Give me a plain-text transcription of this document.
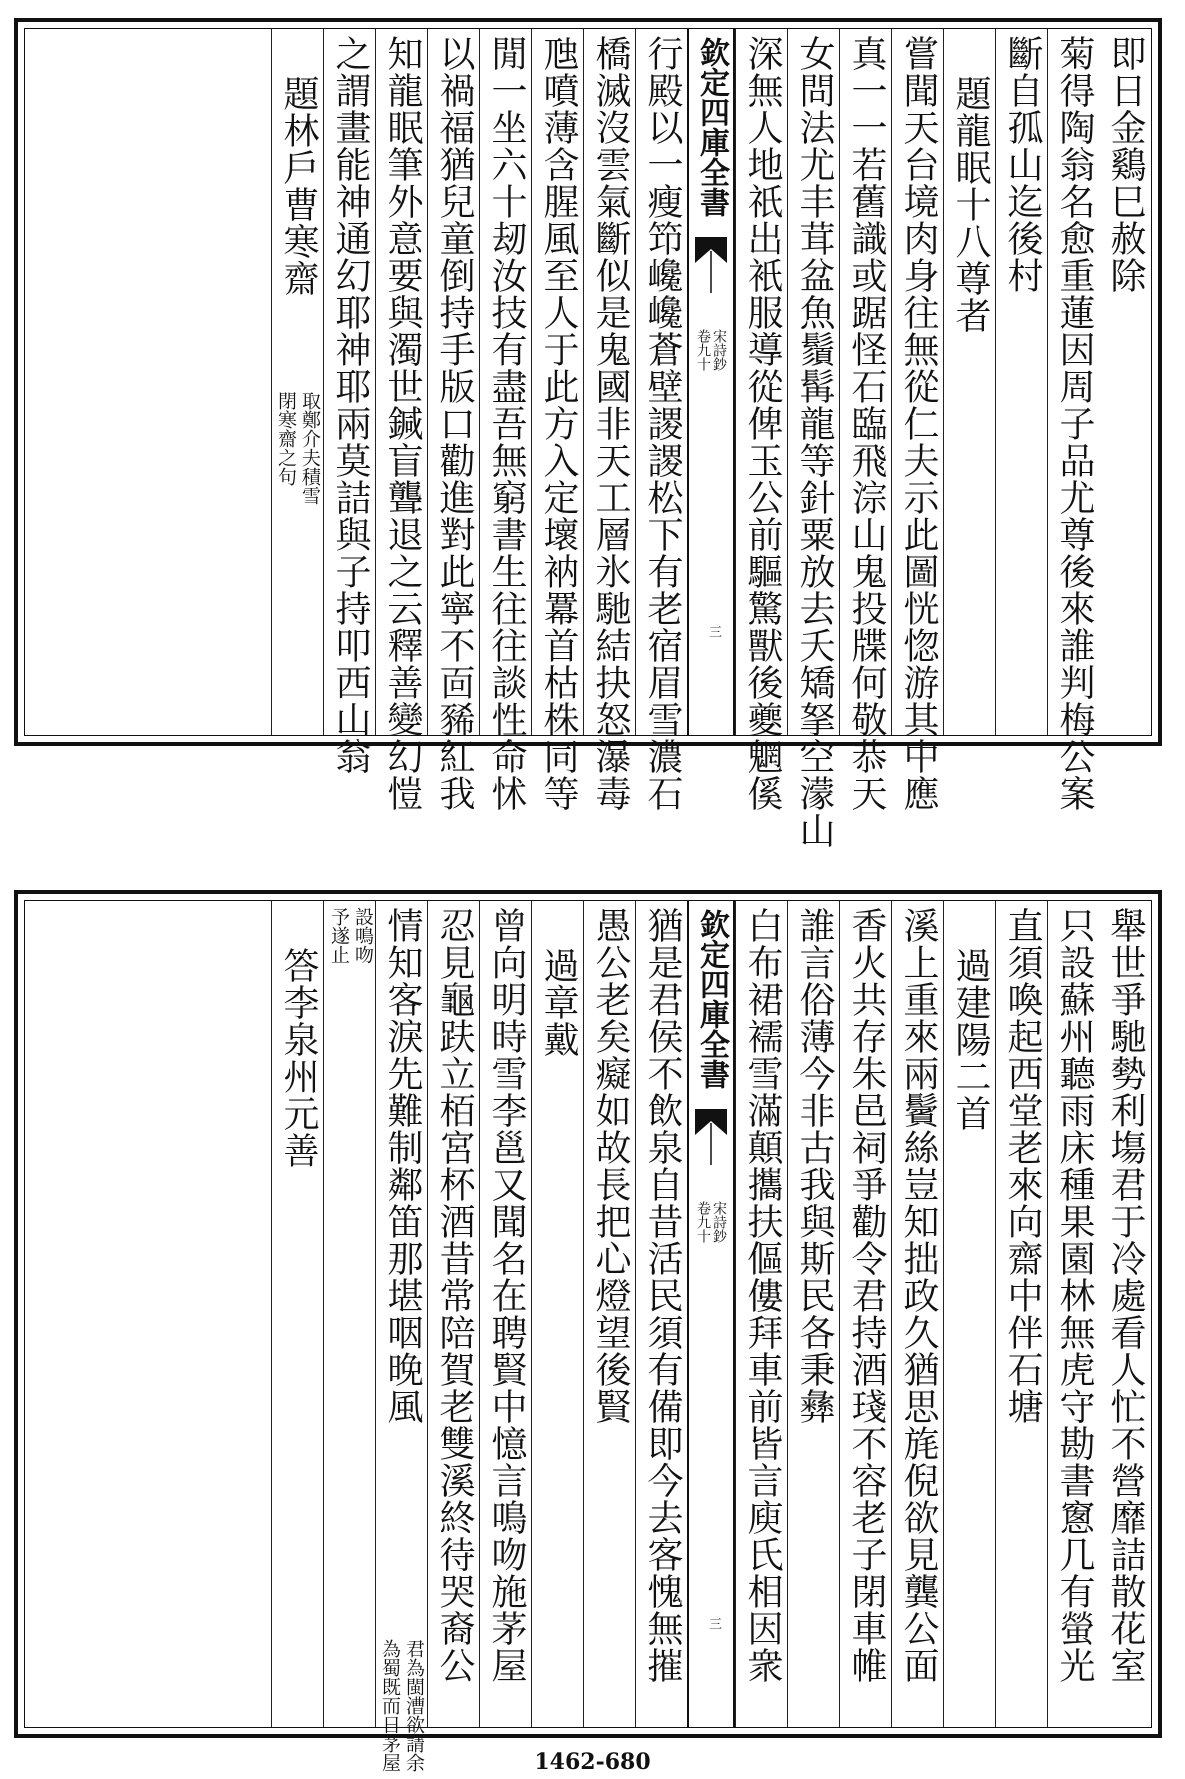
即日金鷄巳赦除
菊得陶翁名愈重蓮因周子品尤尊後來誰判梅公案
斷自孤山迄後村
題龍眠十八尊者
嘗聞天台境肉身往無從仁夫示此圖恍惚游其中應
真一一若舊識或踞怪石臨飛淙山鬼投牒何敬恭天
女問法尤丰茸盆魚鬚髯龍等針粟放去夭矯拏空濛山
深無人地祇出衹服導從俾玉公前驅驚獸後夔魍傒
欽定四庫全書
宋詩鈔
卷九十
三
行殿以一瘦笻巉巉蒼壁謖謖松下有老宿眉雪濃石
橋滅沒雲氣斷似是鬼國非天工層氷馳結抉怒瀑毒
虺噴薄含腥風至人于此方入定壞衲羃首枯株同等
閒一坐六十刼汝技有盡吾無窮書生往往談性命怵
以禍福猶兒童倒持手版口勸進對此寧不靣豨紅我
知龍眠筆外意要與濁世鍼盲聾退之云釋善變幻愷
之謂畫能神通幻耶神耶兩莫詰與子持叩西山翁
題林戶曹寒齋
取鄭介夫積雪
閉寒齋之句
舉世爭馳勢利塲君于冷處看人忙不營靡詰散花室
只設蘇州聽雨床種果園林無虎守勘書窻几有螢光
直須喚起西堂老來向齋中伴石塘
過建陽二首
溪上重來兩鬢絲豈知拙政久猶思旄倪欲見龔公面
香火共存朱邑祠爭勸令君持酒琖不容老子閉車帷
誰言俗薄今非古我與斯民各秉彝
白布裙襦雪滿顛攜扶傴僂拜車前皆言庾氏相因衆
欽定四庫全書
宋詩鈔
卷九十
三
猶是君侯不飲泉自昔活民須有備即今去客愧無摧
愚公老矣癡如故長把心燈望後賢
過章戴
曾向明時雪李邕又聞名在聘賢中憶言鳴吻施茅屋
忍見龜趺立栢宮杯酒昔常陪賀老雙溪終待哭裔公
情知客淚先難制鄰笛那堪咽晚風
君為閩漕欲請余
為蜀既而日茅屋
設鳴吻
予遂止
答李泉州元善
1462-680
